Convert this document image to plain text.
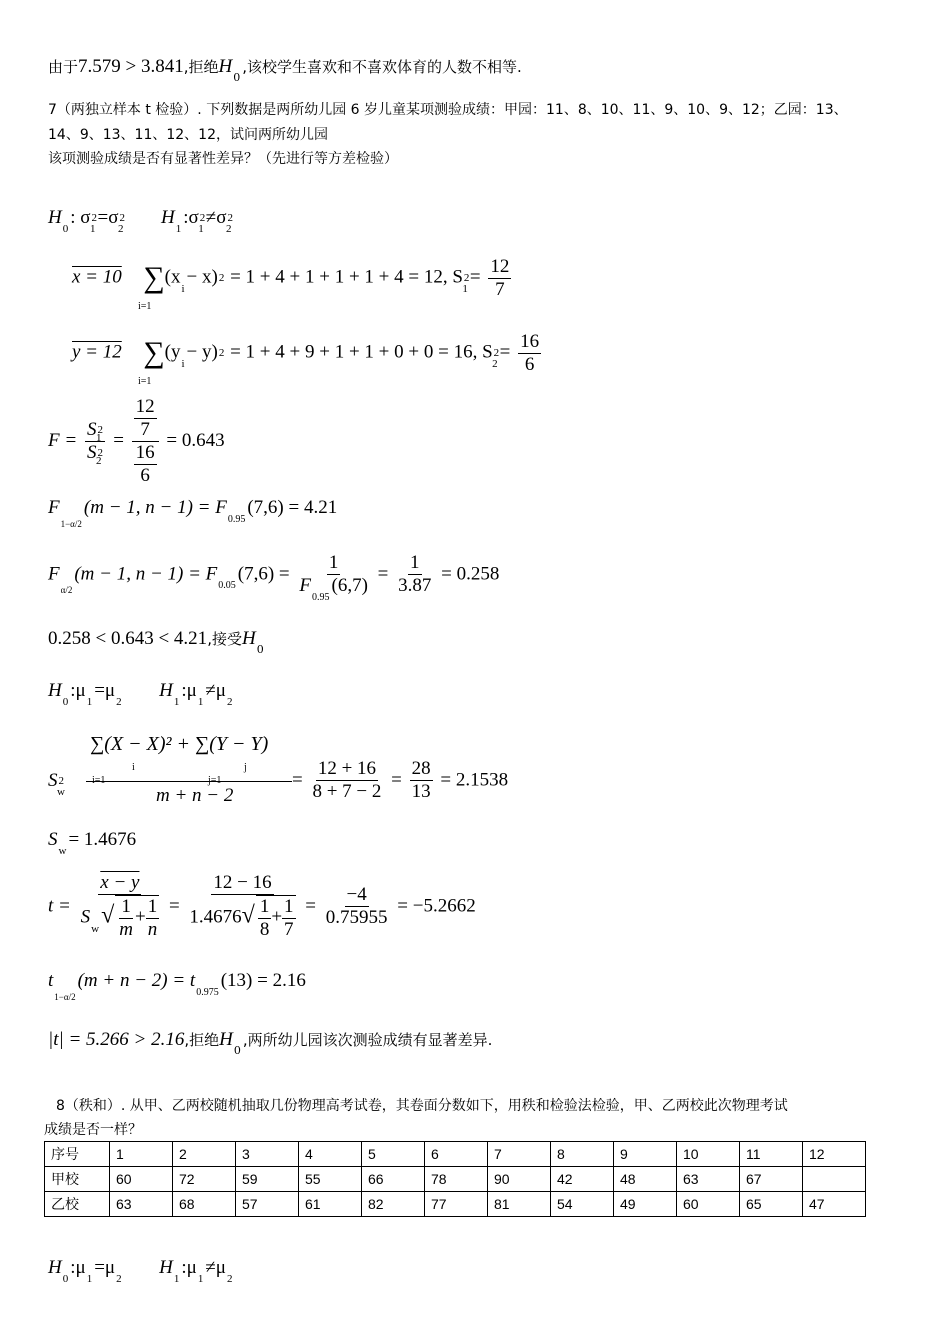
由于7.579 > 3.841,拒绝$H_0$,该校学生喜欢和不喜欢体育的人数不相等.
7（两独立样本 t 检验）. 下列数据是两所幼儿园 6 岁儿童某项测验成绩：甲园：11、8、10、11、9、10、9、12；乙园：13、
14、9、13、11、12、12，试问两所幼儿园
该项测验成绩是否有显著性差异？（先进行等方差检验）
$H_0$: $\sigma 2_1=\sigma 2_2$  $H_1:\sigma 2_1\ne\sigma 2_2$
x = 10 $\sum(x_i- x)2 = 1 + 4 + 1 + 1 + 1 + 4 = 12$, $S2_1= \frac{12}{7}$
i=1
y = 12 $\sum(y_i- y)2 = 1 + 4 + 9 + 1 + 1 + 0 + 0 = 16$, $S2_2= \frac{16}{6}$
i=1
$F = \frac{S2_1}{S2_2} = \frac{\frac{12}{7}}{\frac{16}{6}} = 0.643$
$F_{1-\alpha/2}(m - 1$, $n - 1) = F_{0.95}(7,6) = 4.21$
$F_{\alpha/2}(m - 1$, $n - 1) = F_{0.05}(7,6) = \frac{1}{F_{0.95}(6,7)} = \frac{1}{3.87} = 0.258$
0.258 < 0.643 < 4.21,接受$H_0$
$H_0:\mu_1=\mu_2$  $H_1:\mu_1\ne\mu_2$
$S2_w$
∑(X − X)² + ∑(Y − Y)
i	j
i=1	j=1
m + n − 2
= $\frac{12 + 16}{8 + 7 - 2} = \frac{28}{13} = 2.1538$
$S_w= 1.4676$
$t = \frac{x - y}{S_w√ \frac{1}{m} + \frac{1}{n}} = \frac{12 - 16}{1.4676√ \frac{1}{8} + \frac{1}{7}} = \frac{-4}{0.75955} = -5.2662$
$t_{1-\alpha/2}(m + n - 2) = t_{0.975}(13) = 2.16$
|t| = 5.266 > 2.16,拒绝$H_0$,两所幼儿园该次测验成绩有显著差异.
8（秩和）. 从甲、乙两校随机抽取几份物理高考试卷，其卷面分数如下，用秩和检验法检验，甲、乙两校此次物理考试
成绩是否一样？
序号	1	2	3	4	5	6	7	8	9	10	11	12
甲校	60	72	59	55	66	78	90	42	48	63	67	
乙校	63	68	57	61	82	77	81	54	49	60	65	47
$H_0:\mu_1=\mu_2$  $H_1:\mu_1\ne\mu_2$
